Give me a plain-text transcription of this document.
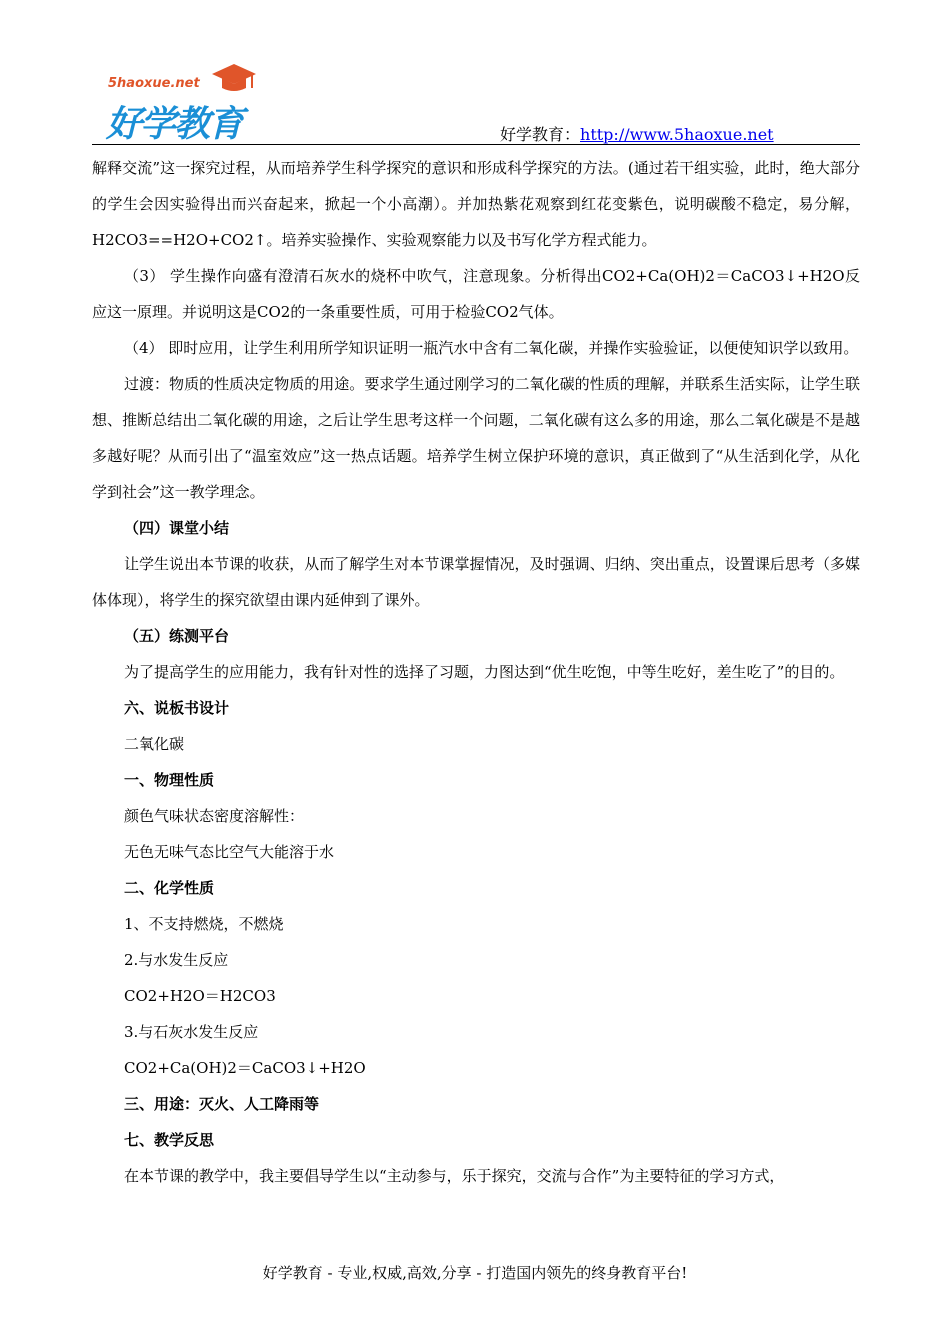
5haoxue.net
好学教育	好学教育：http://www.5haoxue.net

解释交流”这一探究过程，从而培养学生科学探究的意识和形成科学探究的方法。(通过若干组实验，此时，绝大部分的学生会因实验得出而兴奋起来，掀起一个小高潮）。并加热紫花观察到红花变紫色，说明碳酸不稳定，易分解，H2CO3==H2O+CO2↑。培养实验操作、实验观察能力以及书写化学方程式能力。

（3） 学生操作向盛有澄清石灰水的烧杯中吹气，注意现象。分析得出CO2+Ca(OH)2＝CaCO3↓+H2O反应这一原理。并说明这是CO2的一条重要性质，可用于检验CO2气体。

（4） 即时应用，让学生利用所学知识证明一瓶汽水中含有二氧化碳，并操作实验验证，以便使知识学以致用。

过渡：物质的性质决定物质的用途。要求学生通过刚学习的二氧化碳的性质的理解，并联系生活实际，让学生联想、推断总结出二氧化碳的用途，之后让学生思考这样一个问题，二氧化碳有这么多的用途，那么二氧化碳是不是越多越好呢？从而引出了“温室效应”这一热点话题。培养学生树立保护环境的意识，真正做到了“从生活到化学，从化学到社会”这一教学理念。

（四）课堂小结

让学生说出本节课的收获，从而了解学生对本节课掌握情况，及时强调、归纳、突出重点，设置课后思考（多媒体体现），将学生的探究欲望由课内延伸到了课外。

（五）练测平台

为了提高学生的应用能力，我有针对性的选择了习题，力图达到“优生吃饱，中等生吃好，差生吃了”的目的。

六、说板书设计

二氧化碳

一、物理性质

颜色气味状态密度溶解性：

无色无味气态比空气大能溶于水

二、化学性质

1、不支持燃烧，不燃烧

2.与水发生反应

CO2+H2O＝H2CO3

3.与石灰水发生反应

CO2+Ca(OH)2＝CaCO3↓+H2O

三、用途：灭火、人工降雨等

七、教学反思

在本节课的教学中，我主要倡导学生以“主动参与，乐于探究，交流与合作”为主要特征的学习方式，

好学教育 - 专业,权威,高效,分享 - 打造国内领先的终身教育平台!
